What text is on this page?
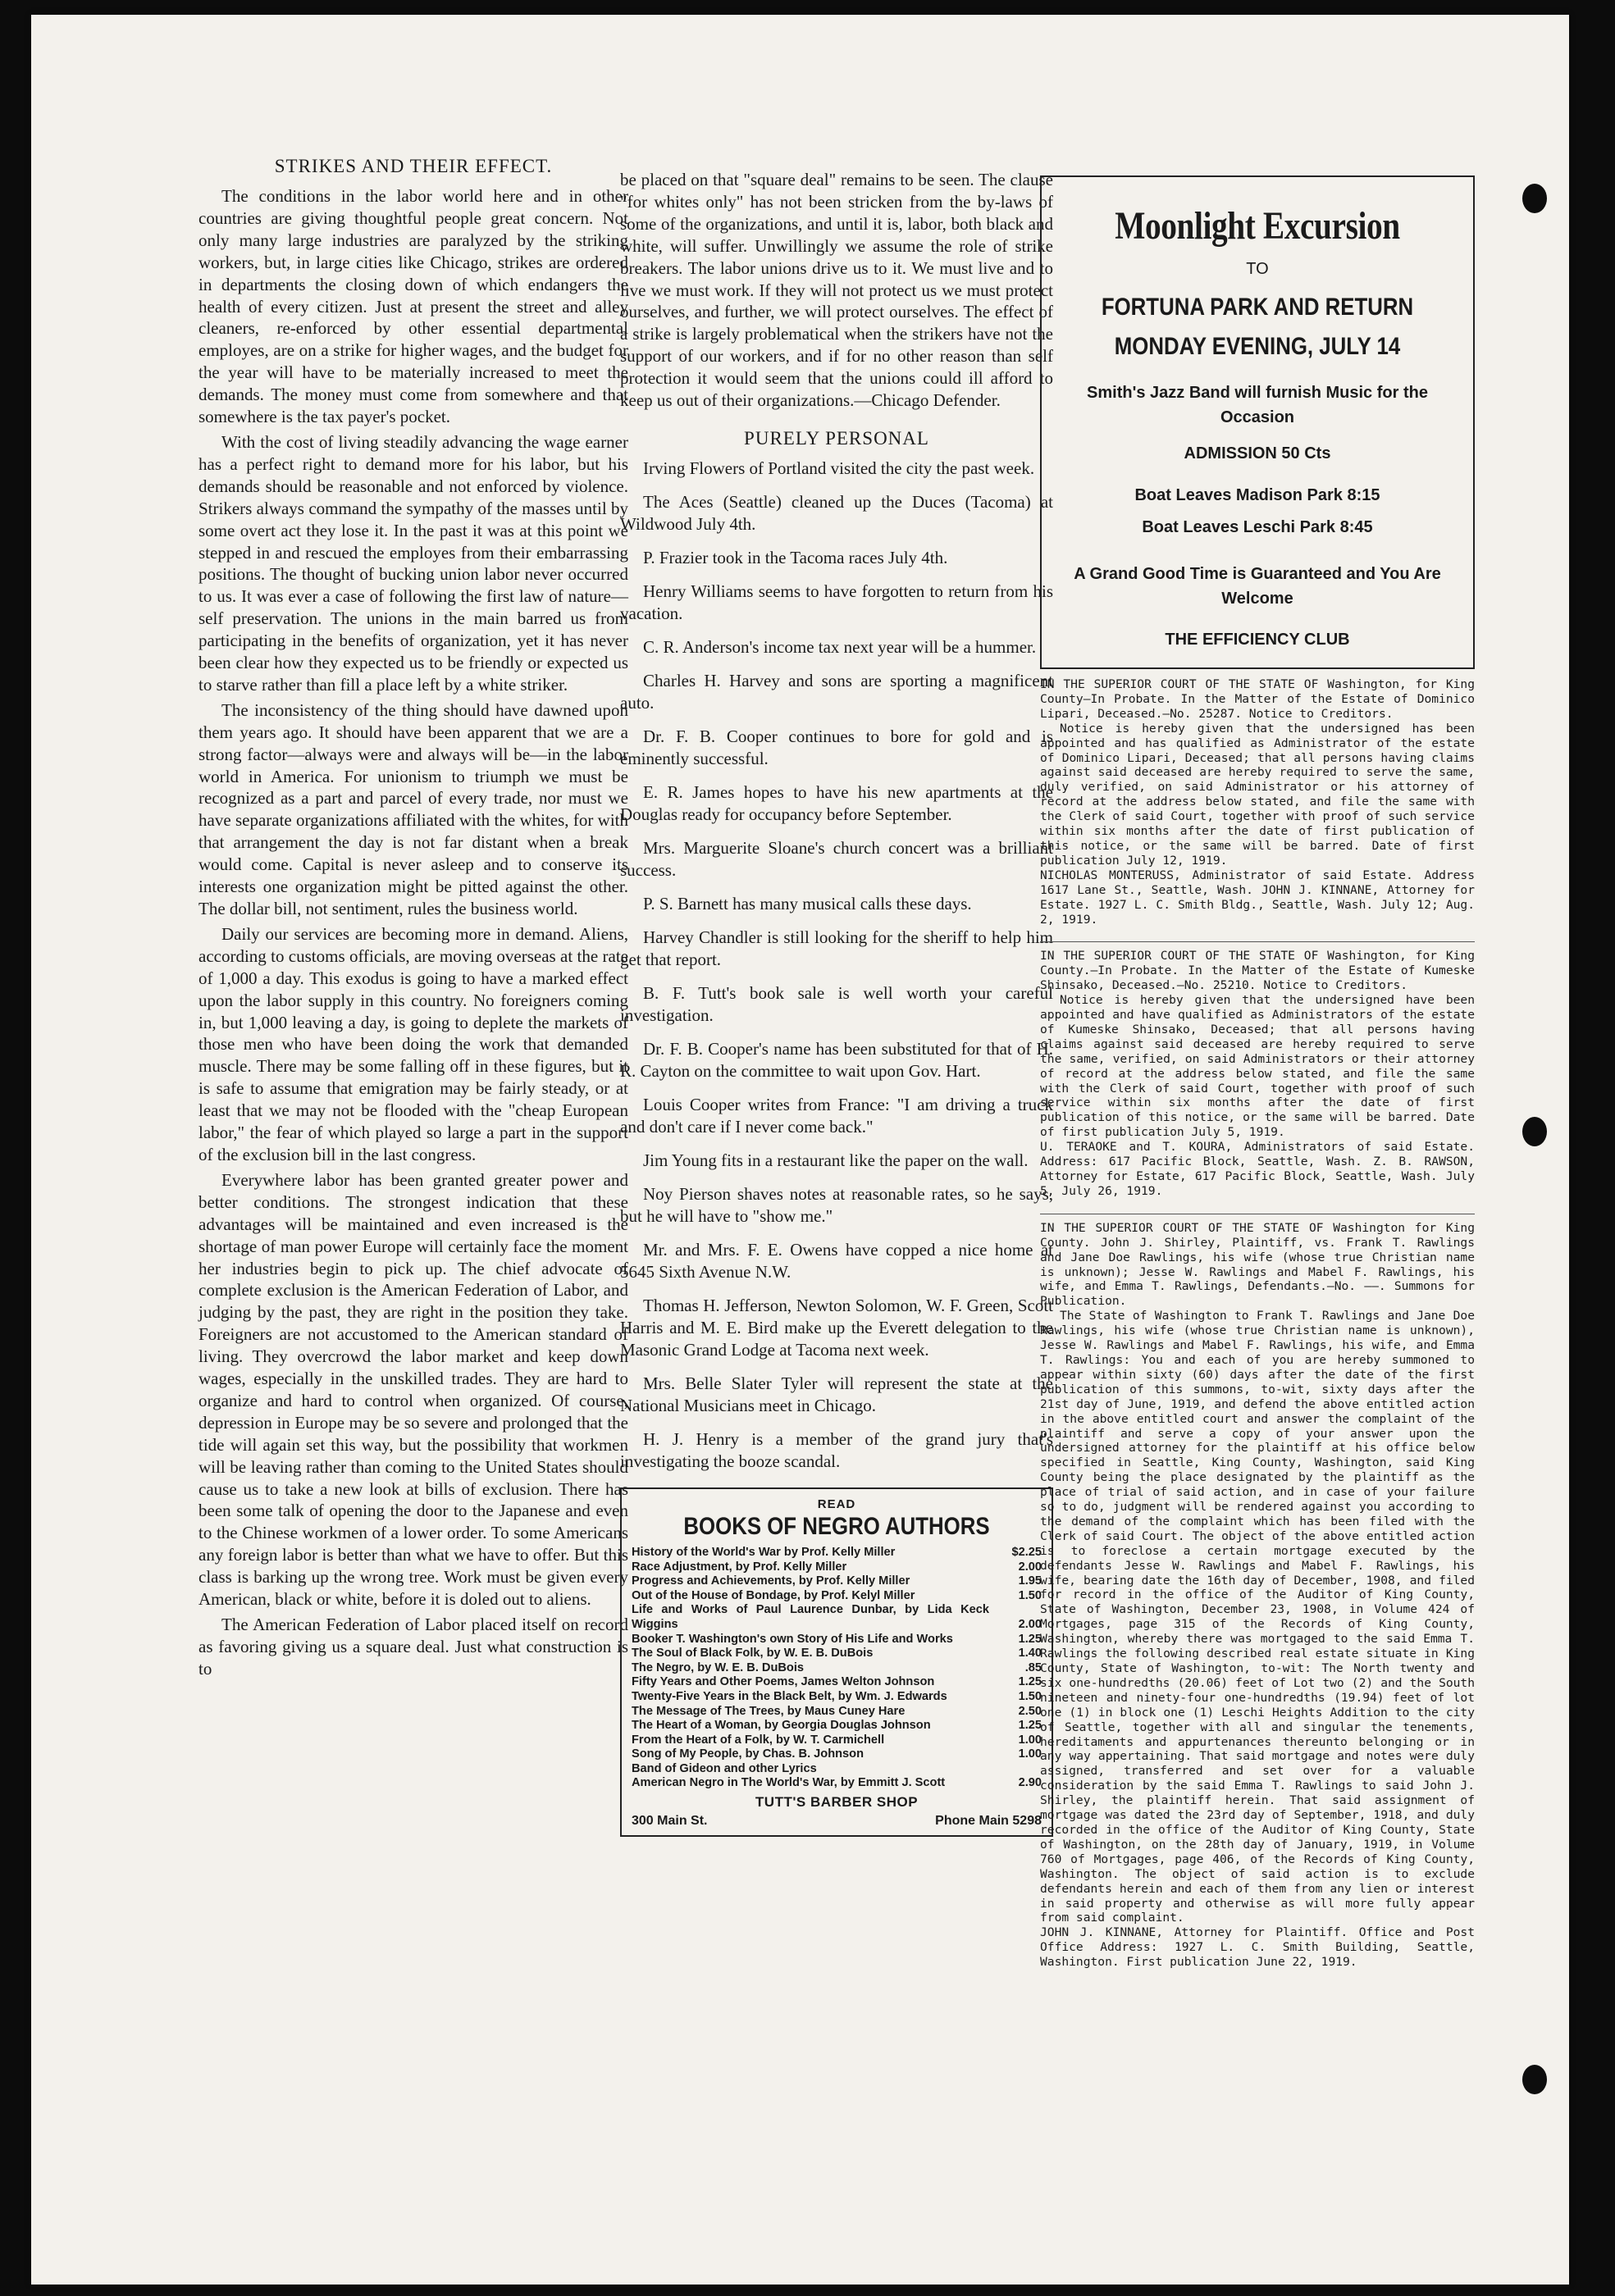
STRIKES AND THEIR EFFECT.

The conditions in the labor world here and in other countries are giving thoughtful people great concern. Not only many large industries are paralyzed by the striking workers, but, in large cities like Chicago, strikes are ordered in departments the closing down of which endangers the health of every citizen. Just at present the street and alley cleaners, re-enforced by other essential departmental employes, are on a strike for higher wages, and the budget for the year will have to be materially increased to meet the demands. The money must come from somewhere and that somewhere is the tax payer's pocket.

With the cost of living steadily advancing the wage earner has a perfect right to demand more for his labor, but his demands should be reasonable and not enforced by violence. Strikers always command the sympathy of the masses until by some overt act they lose it. In the past it was at this point we stepped in and rescued the employes from their embarrassing positions. The thought of bucking union labor never occurred to us. It was ever a case of following the first law of nature—self preservation. The unions in the main barred us from participating in the benefits of organization, yet it has never been clear how they expected us to be friendly or expected us to starve rather than fill a place left by a white striker.

The inconsistency of the thing should have dawned upon them years ago. It should have been apparent that we are a strong factor—always were and always will be—in the labor world in America. For unionism to triumph we must be recognized as a part and parcel of every trade, nor must we have separate organizations affiliated with the whites, for with that arrangement the day is not far distant when a break would come. Capital is never asleep and to conserve its interests one organization might be pitted against the other. The dollar bill, not sentiment, rules the business world.

Daily our services are becoming more in demand. Aliens, according to customs officials, are moving overseas at the rate of 1,000 a day. This exodus is going to have a marked effect upon the labor supply in this country. No foreigners coming in, but 1,000 leaving a day, is going to deplete the markets of those men who have been doing the work that demanded muscle. There may be some falling off in these figures, but it is safe to assume that emigration may be fairly steady, or at least that we may not be flooded with the "cheap European labor," the fear of which played so large a part in the support of the exclusion bill in the last congress.

Everywhere labor has been granted greater power and better conditions. The strongest indication that these advantages will be maintained and even increased is the shortage of man power Europe will certainly face the moment her industries begin to pick up. The chief advocate of complete exclusion is the American Federation of Labor, and judging by the past, they are right in the position they take. Foreigners are not accustomed to the American standard of living. They overcrowd the labor market and keep down wages, especially in the unskilled trades. They are hard to organize and hard to control when organized. Of course, depression in Europe may be so severe and prolonged that the tide will again set this way, but the possibility that workmen will be leaving rather than coming to the United States should cause us to take a new look at bills of exclusion. There has been some talk of opening the door to the Japanese and even to the Chinese workmen of a lower order. To some Americans any foreign labor is better than what we have to offer. But this class is barking up the wrong tree. Work must be given every American, black or white, before it is doled out to aliens.

The American Federation of Labor placed itself on record as favoring giving us a square deal. Just what construction is to

be placed on that "square deal" remains to be seen. The clause "for whites only" has not been stricken from the by-laws of some of the organizations, and until it is, labor, both black and white, will suffer. Unwillingly we assume the role of strike breakers. The labor unions drive us to it. We must live and to live we must work. If they will not protect us we must protect ourselves, and further, we will protect ourselves. The effect of a strike is largely problematical when the strikers have not the support of our workers, and if for no other reason than self protection it would seem that the unions could ill afford to keep us out of their organizations.—Chicago Defender.

PURELY PERSONAL

Irving Flowers of Portland visited the city the past week.

The Aces (Seattle) cleaned up the Duces (Tacoma) at Wildwood July 4th.

P. Frazier took in the Tacoma races July 4th.

Henry Williams seems to have forgotten to return from his vacation.

C. R. Anderson's income tax next year will be a hummer.

Charles H. Harvey and sons are sporting a magnificent auto.

Dr. F. B. Cooper continues to bore for gold and is eminently successful.

E. R. James hopes to have his new apartments at the Douglas ready for occupancy before September.

Mrs. Marguerite Sloane's church concert was a brilliant success.

P. S. Barnett has many musical calls these days.

Harvey Chandler is still looking for the sheriff to help him get that report.

B. F. Tutt's book sale is well worth your careful investigation.

Dr. F. B. Cooper's name has been substituted for that of H. R. Cayton on the committee to wait upon Gov. Hart.

Louis Cooper writes from France: "I am driving a truck and don't care if I never come back."

Jim Young fits in a restaurant like the paper on the wall.

Noy Pierson shaves notes at reasonable rates, so he says, but he will have to "show me."

Mr. and Mrs. F. E. Owens have copped a nice home at 5645 Sixth Avenue N.W.

Thomas H. Jefferson, Newton Solomon, W. F. Green, Scott Harris and M. E. Bird make up the Everett delegation to the Masonic Grand Lodge at Tacoma next week.

Mrs. Belle Slater Tyler will represent the state at the National Musicians meet in Chicago.

H. J. Henry is a member of the grand jury that's investigating the booze scandal.

READ
BOOKS OF NEGRO AUTHORS
History of the World's War by Prof. Kelly Miller	$2.25
Race Adjustment, by Prof. Kelly Miller	2.00
Progress and Achievements, by Prof. Kelly Miller	1.95
Out of the House of Bondage, by Prof. Kelyl Miller	1.50
Life and Works of Paul Laurence Dunbar, by Lida Keck Wiggins	2.00
Booker T. Washington's own Story of His Life and Works	1.25
The Soul of Black Folk, by W. E. B. DuBois	1.40
The Negro, by W. E. B. DuBois	.85
Fifty Years and Other Poems, James Welton Johnson	1.25
Twenty-Five Years in the Black Belt, by Wm. J. Edwards	1.50
The Message of The Trees, by Maus Cuney Hare	2.50
The Heart of a Woman, by Georgia Douglas Johnson	1.25
From the Heart of a Folk, by W. T. Carmichell	1.00
Song of My People, by Chas. B. Johnson	1.00
Band of Gideon and other Lyrics
American Negro in The World's War, by Emmitt J. Scott	2.90
TUTT'S BARBER SHOP
300 Main St.	Phone Main 5298
Moonlight Excursion
TO
FORTUNA PARK AND RETURN
MONDAY EVENING, JULY 14
Smith's Jazz Band will furnish Music for the Occasion
ADMISSION 50 Cts
Boat Leaves Madison Park 8:15
Boat Leaves Leschi Park 8:45
A Grand Good Time is Guaranteed and You Are Welcome
THE EFFICIENCY CLUB

IN THE SUPERIOR COURT OF THE STATE OF Washington, for King County—In Probate. In the Matter of the Estate of Dominico Lipari, Deceased.—No. 25287. Notice to Creditors.

Notice is hereby given that the undersigned has been appointed and has qualified as Administrator of the estate of Dominico Lipari, Deceased; that all persons having claims against said deceased are hereby required to serve the same, duly verified, on said Administrator or his attorney of record at the address below stated, and file the same with the Clerk of said Court, together with proof of such service within six months after the date of first publication of this notice, or the same will be barred. Date of first publication July 12, 1919.

NICHOLAS MONTERUSS, Administrator of said Estate. Address 1617 Lane St., Seattle, Wash. JOHN J. KINNANE, Attorney for Estate. 1927 L. C. Smith Bldg., Seattle, Wash. July 12; Aug. 2, 1919.

IN THE SUPERIOR COURT OF THE STATE OF Washington, for King County.—In Probate. In the Matter of the Estate of Kumeske Shinsako, Deceased.—No. 25210. Notice to Creditors.

Notice is hereby given that the undersigned have been appointed and have qualified as Administrators of the estate of Kumeske Shinsako, Deceased; that all persons having claims against said deceased are hereby required to serve the same, verified, on said Administrators or their attorney of record at the address below stated, and file the same with the Clerk of said Court, together with proof of such service within six months after the date of first publication of this notice, or the same will be barred. Date of first publication July 5, 1919.

U. TERAOKE and T. KOURA, Administrators of said Estate. Address: 617 Pacific Block, Seattle, Wash. Z. B. RAWSON, Attorney for Estate, 617 Pacific Block, Seattle, Wash. July 5, July 26, 1919.

IN THE SUPERIOR COURT OF THE STATE OF Washington for King County. John J. Shirley, Plaintiff, vs. Frank T. Rawlings and Jane Doe Rawlings, his wife (whose true Christian name is unknown); Jesse W. Rawlings and Mabel F. Rawlings, his wife, and Emma T. Rawlings, Defendants.—No. ——. Summons for Publication.

The State of Washington to Frank T. Rawlings and Jane Doe Rawlings, his wife (whose true Christian name is unknown), Jesse W. Rawlings and Mabel F. Rawlings, his wife, and Emma T. Rawlings: You and each of you are hereby summoned to appear within sixty (60) days after the date of the first publication of this summons, to-wit, sixty days after the 21st day of June, 1919, and defend the above entitled action in the above entitled court and answer the complaint of the plaintiff and serve a copy of your answer upon the undersigned attorney for the plaintiff at his office below specified in Seattle, King County, Washington, said King County being the place designated by the plaintiff as the place of trial of said action, and in case of your failure so to do, judgment will be rendered against you according to the demand of the complaint which has been filed with the Clerk of said Court. The object of the above entitled action is to foreclose a certain mortgage executed by the defendants Jesse W. Rawlings and Mabel F. Rawlings, his wife, bearing date the 16th day of December, 1908, and filed for record in the office of the Auditor of King County, State of Washington, December 23, 1908, in Volume 424 of Mortgages, page 315 of the Records of King County, Washington, whereby there was mortgaged to the said Emma T. Rawlings the following described real estate situate in King County, State of Washington, to-wit: The North twenty and six one-hundredths (20.06) feet of Lot two (2) and the South nineteen and ninety-four one-hundredths (19.94) feet of lot one (1) in block one (1) Leschi Heights Addition to the city of Seattle, together with all and singular the tenements, hereditaments and appurtenances thereunto belonging or in any way appertaining. That said mortgage and notes were duly assigned, transferred and set over for a valuable consideration by the said Emma T. Rawlings to said John J. Shirley, the plaintiff herein. That said assignment of mortgage was dated the 23rd day of September, 1918, and duly recorded in the office of the Auditor of King County, State of Washington, on the 28th day of January, 1919, in Volume 760 of Mortgages, page 406, of the Records of King County, Washington. The object of said action is to exclude defendants herein and each of them from any lien or interest in said property and otherwise as will more fully appear from said complaint.

JOHN J. KINNANE, Attorney for Plaintiff. Office and Post Office Address: 1927 L. C. Smith Building, Seattle, Washington. First publication June 22, 1919.
